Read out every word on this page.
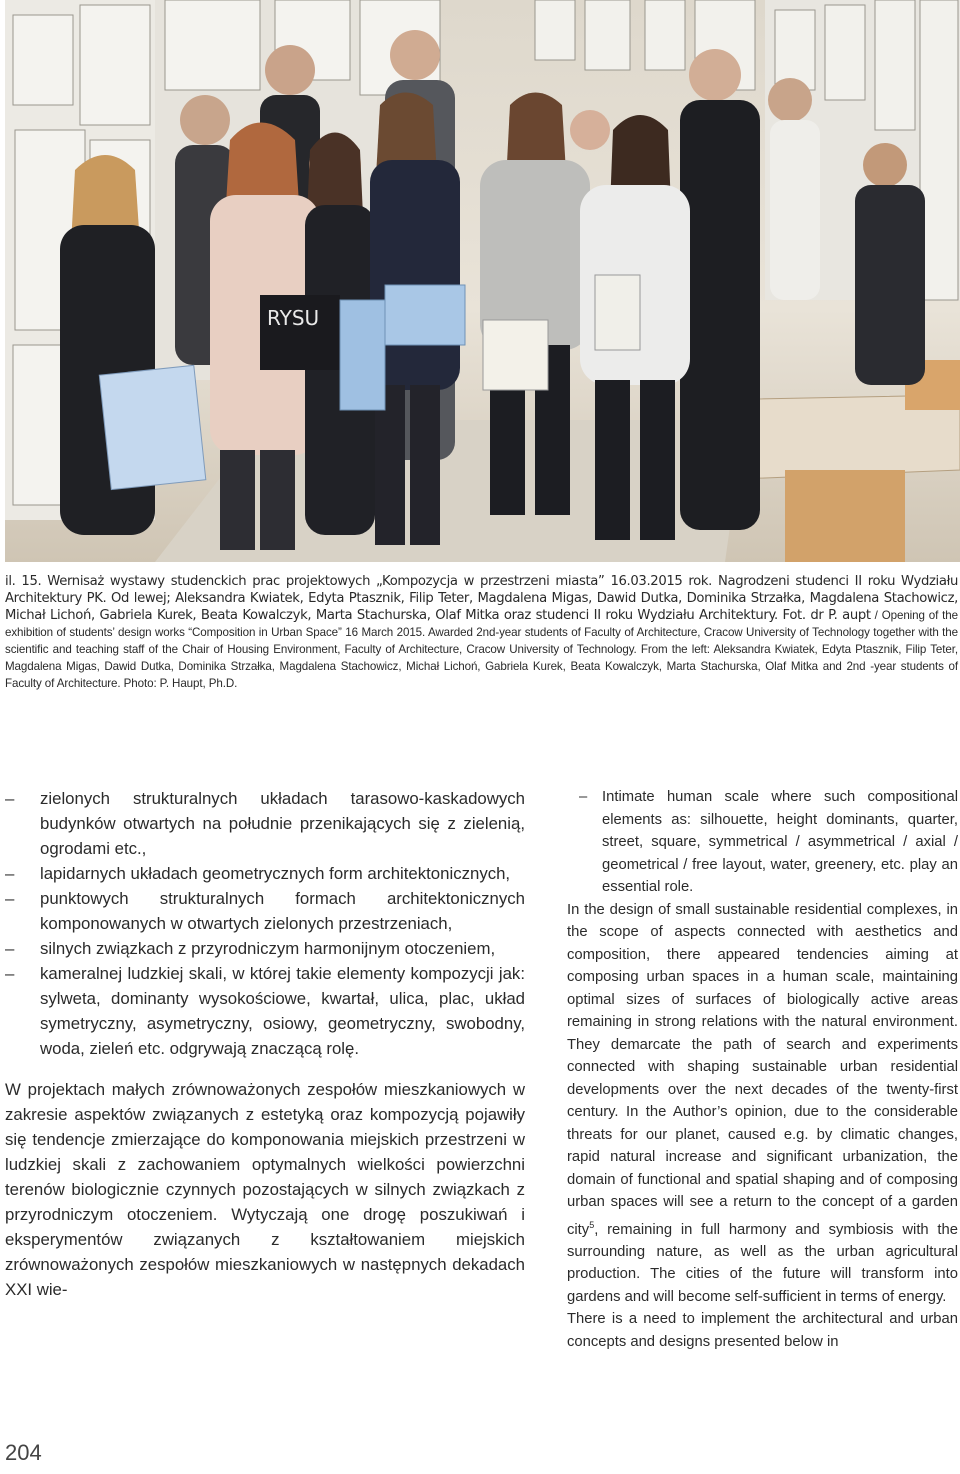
RYSU
il. 15. Wernisaż wystawy studenckich prac projektowych „Kompozycja w przestrzeni miasta” 16.03.2015 rok. Nagrodzeni studenci II roku Wydziału Architektury PK. Od lewej; Aleksandra Kwiatek, Edyta Ptasznik, Filip Teter, Magdalena Migas, Dawid Dutka, Dominika Strzałka, Magdalena Stachowicz, Michał Lichoń, Gabriela Kurek, Beata Kowalczyk, Marta Stachurska, Olaf Mitka oraz studenci II roku Wydziału Architektury. Fot. dr P. aupt / Opening of the exhibition of students’ design works “Composition in Urban Space” 16 March 2015. Awarded 2nd-year students of Faculty of Architecture, Cracow University of Technology together with the scientific and teaching staff of the Chair of Housing Environment, Faculty of Architecture, Cracow University of Technology. From the left: Aleksandra Kwiatek, Edyta Ptasznik, Filip Teter, Magdalena Migas, Dawid Dutka, Dominika Strzałka, Magdalena Stachowicz, Michał Lichoń, Gabriela Kurek, Beata Kowalczyk, Marta Stachurska, Olaf Mitka and 2nd -year students of Faculty of Architecture. Photo: P. Haupt, Ph.D.
– zielonych strukturalnych układach tarasowo-kaskadowych budynków otwartych na południe przenikających się z zielenią, ogrodami etc.,
– lapidarnych układach geometrycznych form architektonicznych,
– punktowych strukturalnych formach architektonicznych komponowanych w otwartych zielonych przestrzeniach,
– silnych związkach z przyrodniczym harmonijnym otoczeniem,
– kameralnej ludzkiej skali, w której takie elementy kompozycji jak: sylweta, dominanty wysokościowe, kwartał, ulica, plac, układ symetryczny, asymetryczny, osiowy, geometryczny, swobodny, woda, zieleń etc. odgrywają znaczącą rolę.

W projektach małych zrównoważonych zespołów mieszkaniowych w zakresie aspektów związanych z estetyką oraz kompozycją pojawiły się tendencje zmierzające do komponowania miejskich przestrzeni w ludzkiej skali z zachowaniem optymalnych wielkości powierzchni terenów biologicznie czynnych pozostających w silnych związkach z przyrodniczym otoczeniem. Wytyczają one drogę poszukiwań i eksperymentów związanych z kształtowaniem miejskich zrównoważonych zespołów mieszkaniowych w następnych dekadach XXI wie-

– Intimate human scale where such compositional elements as: silhouette, height dominants, quarter, street, square, symmetrical / asymmetrical / axial / geometrical / free layout, water, greenery, etc. play an essential role.

In the design of small sustainable residential complexes, in the scope of aspects connected with aesthetics and composition, there appeared tendencies aiming at composing urban spaces in a human scale, maintaining optimal sizes of surfaces of biologically active areas remaining in strong relations with the natural environment. They demarcate the path of search and experiments connected with shaping sustainable urban residential developments over the next decades of the twenty-first century. In the Author’s opinion, due to the considerable threats for our planet, caused e.g. by climatic changes, rapid natural increase and significant urbanization, the domain of functional and spatial shaping and of composing urban spaces will see a return to the concept of a garden city$^5$, remaining in full harmony and symbiosis with the surrounding nature, as well as the urban agricultural production. The cities of the future will transform into gardens and will become self-sufficient in terms of energy.

There is a need to implement the architectural and urban concepts and designs presented below in

204
